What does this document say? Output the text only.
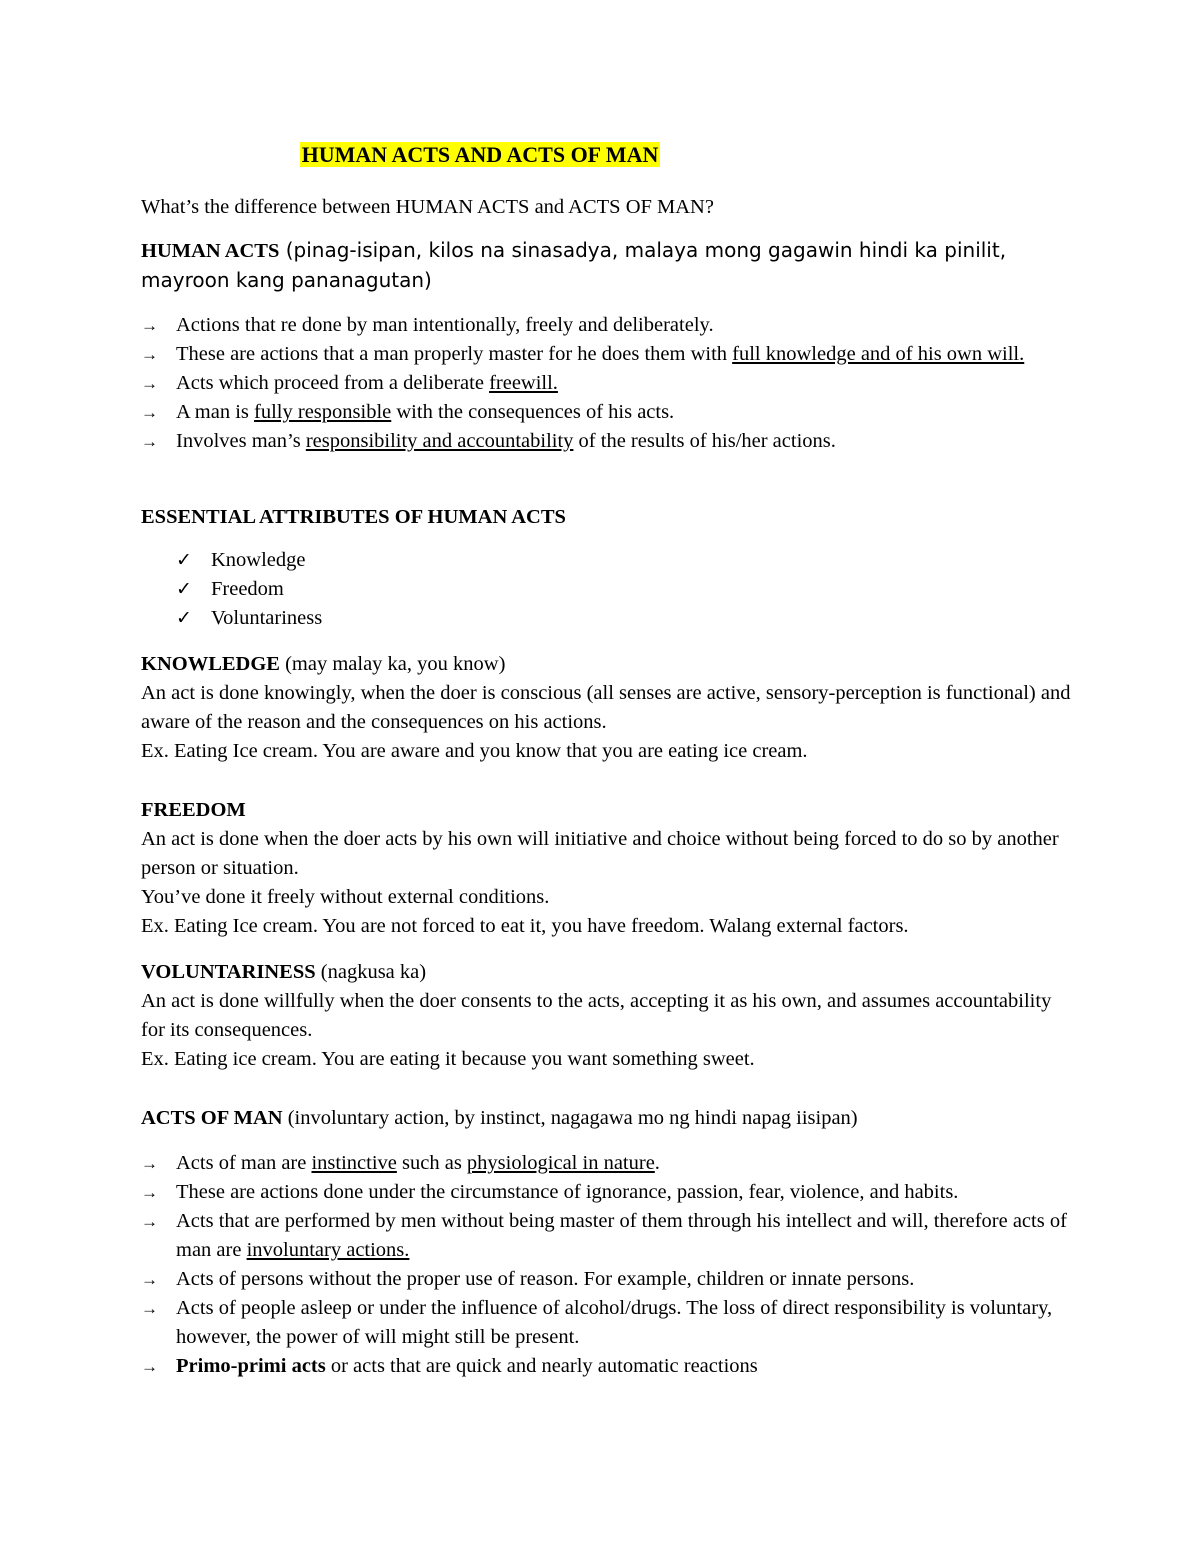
HUMAN ACTS AND ACTS OF MAN
What’s the difference between HUMAN ACTS and ACTS OF MAN?
HUMAN ACTS (pinag-isipan, kilos na sinasadya, malaya mong gagawin hindi ka pinilit, mayroon kang pananagutan)
→ Actions that re done by man intentionally, freely and deliberately.
→ These are actions that a man properly master for he does them with full knowledge and of his own will.
→ Acts which proceed from a deliberate freewill.
→ A man is fully responsible with the consequences of his acts.
→ Involves man’s responsibility and accountability of the results of his/her actions.
ESSENTIAL ATTRIBUTES OF HUMAN ACTS
✓ Knowledge
✓ Freedom
✓ Voluntariness
KNOWLEDGE (may malay ka, you know)
An act is done knowingly, when the doer is conscious (all senses are active, sensory-perception is functional) and aware of the reason and the consequences on his actions.
Ex. Eating Ice cream. You are aware and you know that you are eating ice cream.
FREEDOM
An act is done when the doer acts by his own will initiative and choice without being forced to do so by another person or situation.
You’ve done it freely without external conditions.
Ex. Eating Ice cream. You are not forced to eat it, you have freedom. Walang external factors.
VOLUNTARINESS (nagkusa ka)
An act is done willfully when the doer consents to the acts, accepting it as his own, and assumes accountability for its consequences.
Ex. Eating ice cream. You are eating it because you want something sweet.
ACTS OF MAN (involuntary action, by instinct, nagagawa mo ng hindi napag iisipan)
→ Acts of man are instinctive such as physiological in nature.
→ These are actions done under the circumstance of ignorance, passion, fear, violence, and habits.
→ Acts that are performed by men without being master of them through his intellect and will, therefore acts of man are involuntary actions.
→ Acts of persons without the proper use of reason. For example, children or innate persons.
→ Acts of people asleep or under the influence of alcohol/drugs. The loss of direct responsibility is voluntary, however, the power of will might still be present.
→ Primo-primi acts or acts that are quick and nearly automatic reactions
